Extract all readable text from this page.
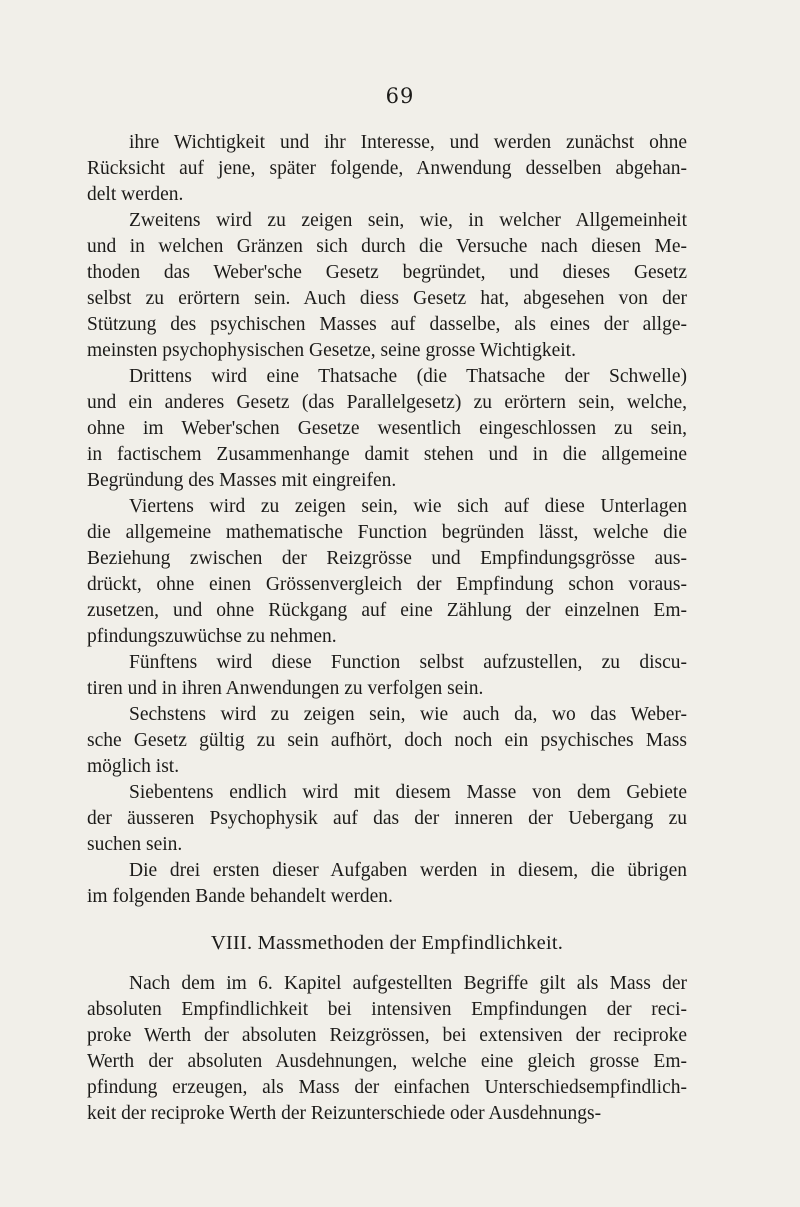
69
ihre Wichtigkeit und ihr Interesse, und werden zunächst ohne
Rücksicht auf jene, später folgende, Anwendung desselben abgehan-
delt werden.
Zweitens wird zu zeigen sein, wie, in welcher Allgemeinheit
und in welchen Gränzen sich durch die Versuche nach diesen Me-
thoden das Weber'sche Gesetz begründet, und dieses Gesetz
selbst zu erörtern sein. Auch diess Gesetz hat, abgesehen von der
Stützung des psychischen Masses auf dasselbe, als eines der allge-
meinsten psychophysischen Gesetze, seine grosse Wichtigkeit.
Drittens wird eine Thatsache (die Thatsache der Schwelle)
und ein anderes Gesetz (das Parallelgesetz) zu erörtern sein, welche,
ohne im Weber'schen Gesetze wesentlich eingeschlossen zu sein,
in factischem Zusammenhange damit stehen und in die allgemeine
Begründung des Masses mit eingreifen.
Viertens wird zu zeigen sein, wie sich auf diese Unterlagen
die allgemeine mathematische Function begründen lässt, welche die
Beziehung zwischen der Reizgrösse und Empfindungsgrösse aus-
drückt, ohne einen Grössenvergleich der Empfindung schon voraus-
zusetzen, und ohne Rückgang auf eine Zählung der einzelnen Em-
pfindungszuwüchse zu nehmen.
Fünftens wird diese Function selbst aufzustellen, zu discu-
tiren und in ihren Anwendungen zu verfolgen sein.
Sechstens wird zu zeigen sein, wie auch da, wo das Weber-
sche Gesetz gültig zu sein aufhört, doch noch ein psychisches Mass
möglich ist.
Siebentens endlich wird mit diesem Masse von dem Gebiete
der äusseren Psychophysik auf das der inneren der Uebergang zu
suchen sein.
Die drei ersten dieser Aufgaben werden in diesem, die übrigen
im folgenden Bande behandelt werden.
VIII. Massmethoden der Empfindlichkeit.
Nach dem im 6. Kapitel aufgestellten Begriffe gilt als Mass der
absoluten Empfindlichkeit bei intensiven Empfindungen der reci-
proke Werth der absoluten Reizgrössen, bei extensiven der reciproke
Werth der absoluten Ausdehnungen, welche eine gleich grosse Em-
pfindung erzeugen, als Mass der einfachen Unterschiedsempfindlich-
keit der reciproke Werth der Reizunterschiede oder Ausdehnungs-
